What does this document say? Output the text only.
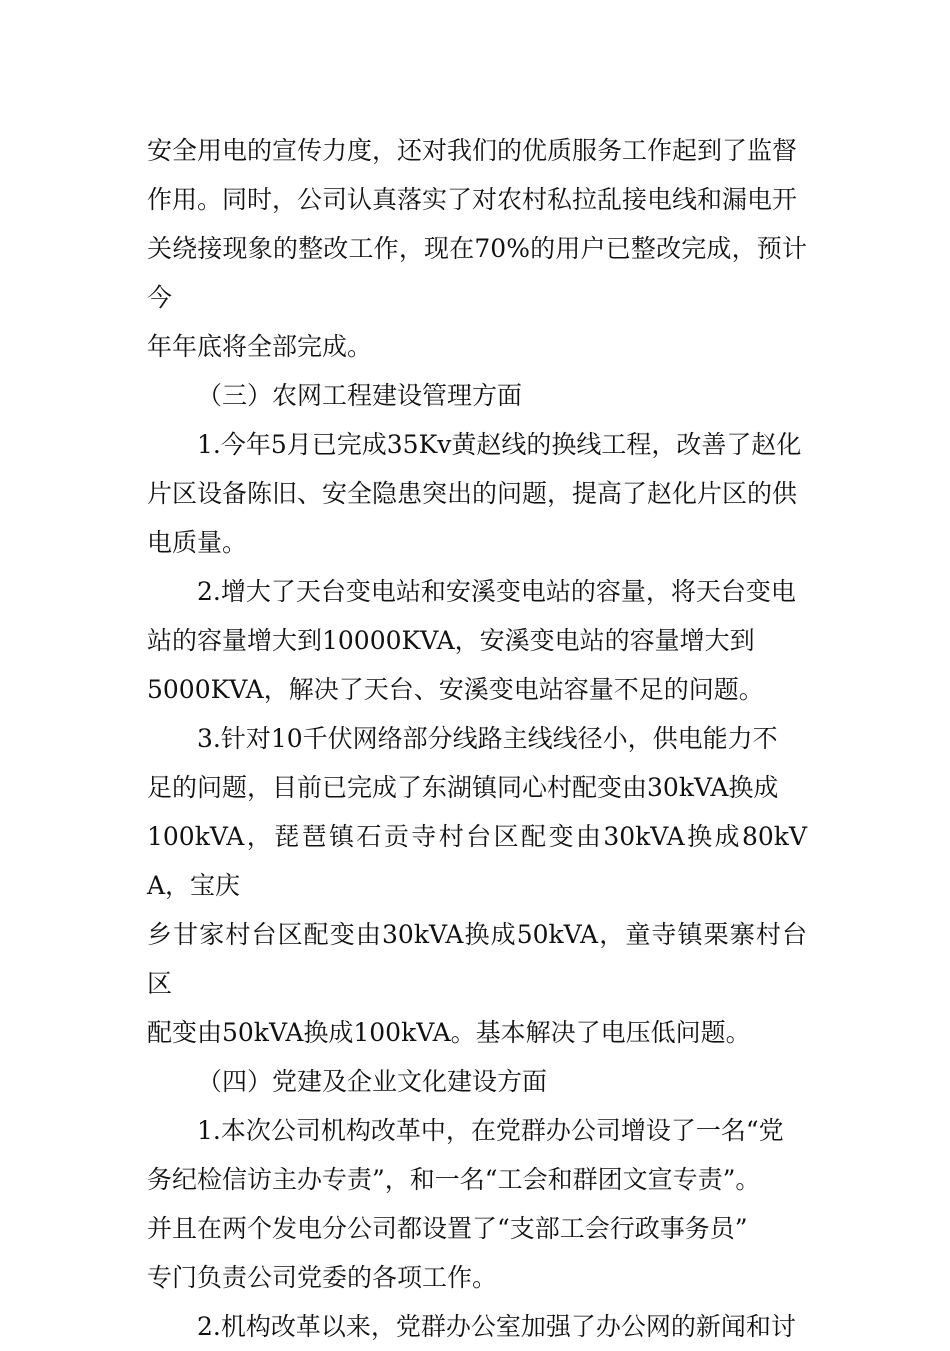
安全用电的宣传力度，还对我们的优质服务工作起到了监督
作用。同时，公司认真落实了对农村私拉乱接电线和漏电开
关绕接现象的整改工作，现在70%的用户已整改完成，预计今
年年底将全部完成。
（三）农网工程建设管理方面
1.今年5月已完成35Kv黄赵线的换线工程，改善了赵化
片区设备陈旧、安全隐患突出的问题，提高了赵化片区的供
电质量。
2.增大了天台变电站和安溪变电站的容量，将天台变电
站的容量增大到10000KVA，安溪变电站的容量增大到
5000KVA，解决了天台、安溪变电站容量不足的问题。
3.针对10千伏网络部分线路主线线径小，供电能力不
足的问题，目前已完成了东湖镇同心村配变由30kVA换成
100kVA，琵琶镇石贡寺村台区配变由30kVA换成80kVA，宝庆
乡甘家村台区配变由30kVA换成50kVA，童寺镇栗寨村台区
配变由50kVA换成100kVA。基本解决了电压低问题。
（四）党建及企业文化建设方面
1.本次公司机构改革中，在党群办公司增设了一名“党
务纪检信访主办专责”，和一名“工会和群团文宣专责”。
并且在两个发电分公司都设置了“支部工会行政事务员”
专门负责公司党委的各项工作。
2.机构改革以来，党群办公室加强了办公网的新闻和讨
